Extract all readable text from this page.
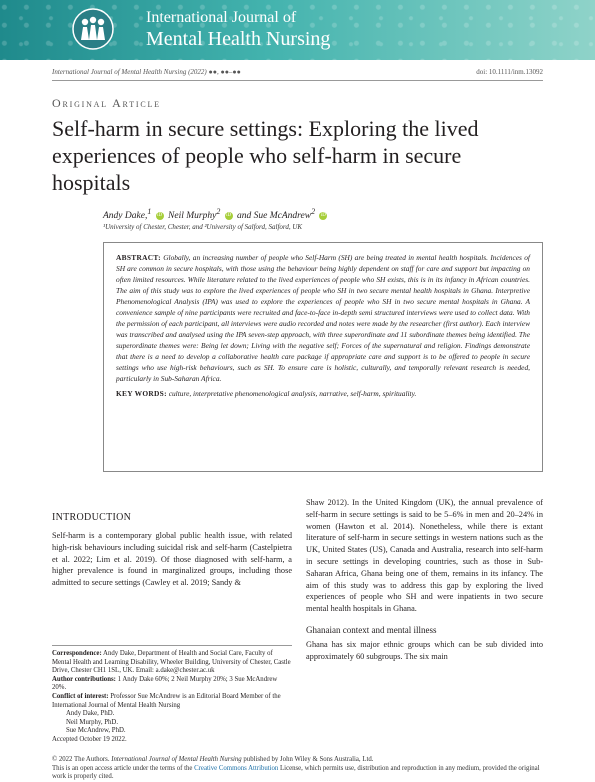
International Journal of
Mental Health Nursing
International Journal of Mental Health Nursing (2022) ●●, ●●–●●	doi: 10.1111/inm.13092
Original Article
Self-harm in secure settings: Exploring the lived experiences of people who self-harm in secure hospitals
Andy Dake,$^1$ iD Neil Murphy$^2$ iD and Sue McAndrew$^2$ iD
¹University of Chester, Chester, and ²University of Salford, Salford, UK

ABSTRACT: Globally, an increasing number of people who Self-Harm (SH) are being treated in mental health hospitals. Incidences of SH are common in secure hospitals, with those using the behaviour being highly dependent on staff for care and support but impacting on often limited resources. While literature related to the lived experiences of people who SH exists, this is in its infancy in African countries. The aim of this study was to explore the lived experiences of people who SH in two secure mental health hospitals in Ghana. Interpretive Phenomenological Analysis (IPA) was used to explore the experiences of people who SH in two secure mental hospitals in Ghana. A convenience sample of nine participants were recruited and face-to-face in-depth semi structured interviews were used to collect data. With the permission of each participant, all interviews were audio recorded and notes were made by the researcher (first author). Each interview was transcribed and analysed using the IPA seven-step approach, with three superordinate and 11 subordinate themes being identified. The superordinate themes were: Being let down; Living with the negative self; Forces of the supernatural and religion. Findings demonstrate that there is a need to develop a collaborative health care package if appropriate care and support is to be offered to people in secure settings who use high-risk behaviours, such as SH. To ensure care is holistic, culturally, and temporally relevant research is needed, particularly in Sub-Saharan Africa.

KEY WORDS: culture, interpretative phenomenological analysis, narrative, self-harm, spirituality.

INTRODUCTION

Self-harm is a contemporary global public health issue, with related high-risk behaviours including suicidal risk and self-harm (Castelpietra et al. 2022; Lim et al. 2019). Of those diagnosed with self-harm, a higher prevalence is found in marginalized groups, including those admitted to secure settings (Cawley et al. 2019; Sandy &

Shaw 2012). In the United Kingdom (UK), the annual prevalence of self-harm in secure settings is said to be 5–6% in men and 20–24% in women (Hawton et al. 2014). Nonetheless, while there is extant literature of self-harm in secure settings in western nations such as the UK, United States (US), Canada and Australia, research into self-harm in secure settings in developing countries, such as those in Sub-Saharan Africa, Ghana being one of them, remains in its infancy. The aim of this study was to address this gap by exploring the lived experiences of people who SH and were inpatients in two secure mental health hospitals in Ghana.

Ghanaian context and mental illness

Ghana has six major ethnic groups which can be sub divided into approximately 60 subgroups. The six main

Correspondence: Andy Dake, Department of Health and Social Care, Faculty of Mental Health and Learning Disability, Wheeler Building, University of Chester, Castle Drive, Chester CH1 1SL, UK. Email: a.dake@chester.ac.uk

Author contributions: 1 Andy Dake 60%; 2 Neil Murphy 20%; 3 Sue McAndrew 20%.

Conflict of interest: Professor Sue McAndrew is an Editorial Board Member of the International Journal of Mental Health Nursing

Andy Dake, PhD.
Neil Murphy, PhD.
Sue McAndrew, PhD.

Accepted October 19 2022.

© 2022 The Authors. International Journal of Mental Health Nursing published by John Wiley & Sons Australia, Ltd.

This is an open access article under the terms of the Creative Commons Attribution License, which permits use, distribution and reproduction in any medium, provided the original work is properly cited.
